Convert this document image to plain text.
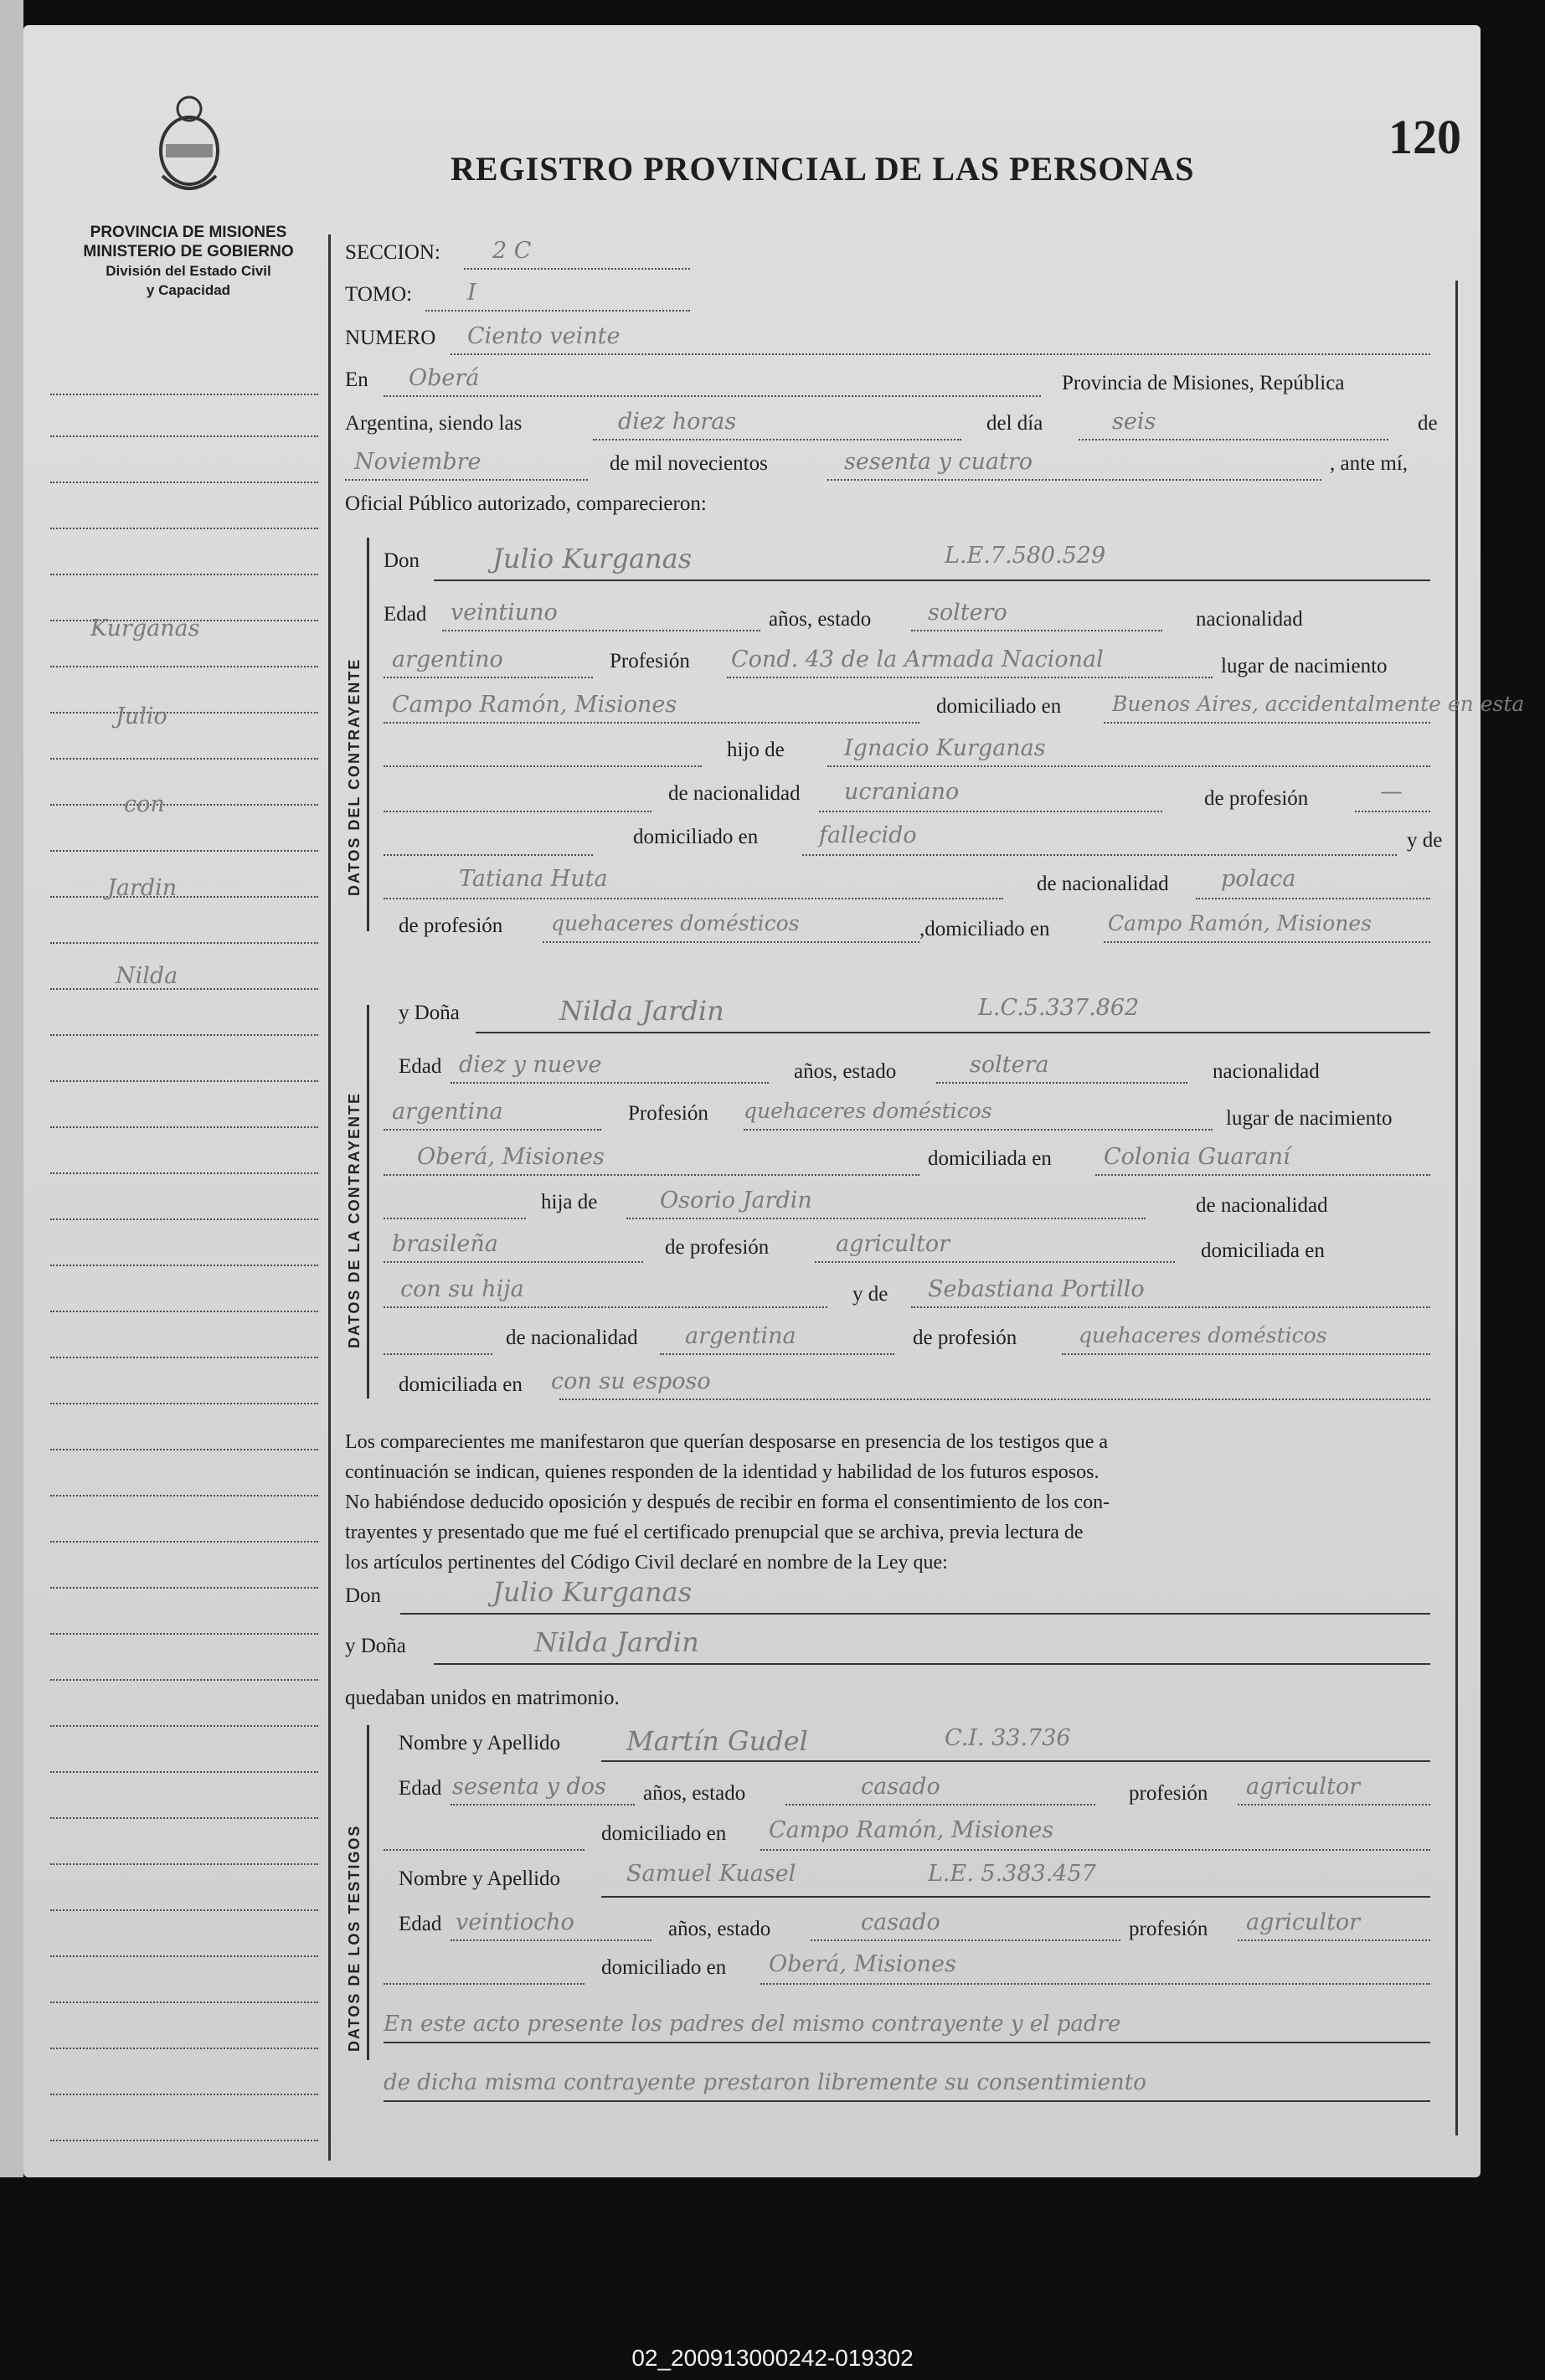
PROVINCIA DE MISIONES
MINISTERIO DE GOBIERNO
División del Estado Civil
y Capacidad
REGISTRO PROVINCIAL DE LAS PERSONAS
120
Kurganas
Julio
con
Jardin
Nilda
SECCION: 2 C
TOMO: I
NUMERO Ciento veinte
En Oberá	Provincia de Misiones, República
Argentina, siendo las	diez horas	del día	seis	de
Noviembre	de mil novecientos	sesenta y cuatro	, ante mí,
Oficial Público autorizado, comparecieron:
DATOS DEL CONTRAYENTE
Don	Julio Kurganas	L.E.7.580.529
Edad veintiuno	años, estado	soltero	nacionalidad
argentino	Profesión Cond. 43 de la Armada Nacional	lugar de nacimiento
Campo Ramón, Misiones	domiciliado en Buenos Aires, accidentalmente en esta
hijo de	Ignacio Kurganas
de nacionalidad ucraniano	de profesión	—
domiciliado en	fallecido	y de
Tatiana Huta	de nacionalidad polaca
de profesión quehaceres domésticos	,domiciliado en	Campo Ramón, Misiones
DATOS DE LA CONTRAYENTE
y Doña	Nilda Jardin	L.C.5.337.862
Edad diez y nueve	años, estado	soltera	nacionalidad
argentina	Profesión quehaceres domésticos	lugar de nacimiento
Oberá, Misiones	domiciliada en Colonia Guaraní
hija de	Osorio Jardin	de nacionalidad
brasileña	de profesión	agricultor	domiciliada en
con su hija	y de Sebastiana Portillo
de nacionalidad argentina	de profesión	quehaceres domésticos
domiciliada en con su esposo
Los comparecientes me manifestaron que querían desposarse en presencia de los testigos que a
continuación se indican, quienes responden de la identidad y habilidad de los futuros esposos.
No habiéndose deducido oposición y después de recibir en forma el consentimiento de los con-
trayentes y presentado que me fué el certificado prenupcial que se archiva, previa lectura de
los artículos pertinentes del Código Civil declaré en nombre de la Ley que:
Don	Julio Kurganas
y Doña	Nilda Jardin
quedaban unidos en matrimonio.
DATOS DE LOS TESTIGOS
Nombre y Apellido Martín Gudel	C.I. 33.736
Edad sesenta y dos años, estado	casado	profesión agricultor
domiciliado en Campo Ramón, Misiones
Nombre y Apellido	Samuel Kuasel	L.E. 5.383.457
Edad veintiocho	años, estado	casado	profesión agricultor
domiciliado en Oberá, Misiones
En este acto presente los padres del mismo contrayente y el padre
de dicha misma contrayente prestaron libremente su consentimiento
02_200913000242-019302
